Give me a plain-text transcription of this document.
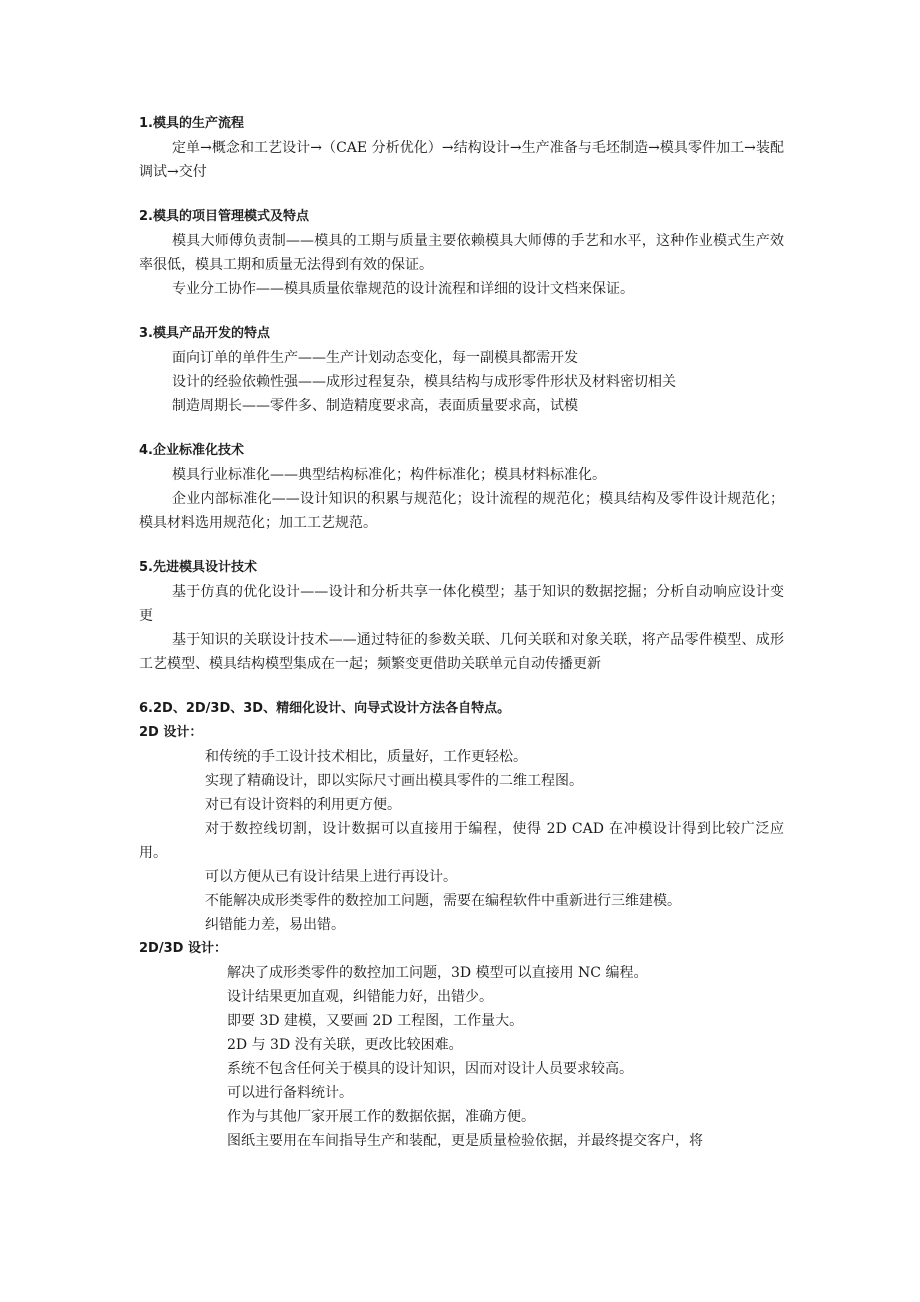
1.模具的生产流程
定单→概念和工艺设计→（CAE 分析优化）→结构设计→生产准备与毛坯制造→模具零件加工→装配调试→交付
2.模具的项目管理模式及特点
模具大师傅负责制——模具的工期与质量主要依赖模具大师傅的手艺和水平，这种作业模式生产效率很低，模具工期和质量无法得到有效的保证。
专业分工协作——模具质量依靠规范的设计流程和详细的设计文档来保证。
3.模具产品开发的特点
面向订单的单件生产——生产计划动态变化，每一副模具都需开发
设计的经验依赖性强——成形过程复杂，模具结构与成形零件形状及材料密切相关
制造周期长——零件多、制造精度要求高，表面质量要求高，试模
4.企业标准化技术
模具行业标准化——典型结构标准化；构件标准化；模具材料标准化。
企业内部标准化——设计知识的积累与规范化；设计流程的规范化；模具结构及零件设计规范化；模具材料选用规范化；加工工艺规范。
5.先进模具设计技术
基于仿真的优化设计——设计和分析共享一体化模型；基于知识的数据挖掘；分析自动响应设计变更
基于知识的关联设计技术——通过特征的参数关联、几何关联和对象关联，将产品零件模型、成形工艺模型、模具结构模型集成在一起；频繁变更借助关联单元自动传播更新
6.2D、2D/3D、3D、精细化设计、向导式设计方法各自特点。
2D 设计：
和传统的手工设计技术相比，质量好，工作更轻松。
实现了精确设计，即以实际尺寸画出模具零件的二维工程图。
对已有设计资料的利用更方便。
对于数控线切割，设计数据可以直接用于编程，使得 2D CAD 在冲模设计得到比较广泛应用。
可以方便从已有设计结果上进行再设计。
不能解决成形类零件的数控加工问题，需要在编程软件中重新进行三维建模。
纠错能力差，易出错。
2D/3D 设计：
解决了成形类零件的数控加工问题，3D 模型可以直接用 NC 编程。
设计结果更加直观，纠错能力好，出错少。
即要 3D 建模，又要画 2D 工程图，工作量大。
2D 与 3D 没有关联，更改比较困难。
系统不包含任何关于模具的设计知识，因而对设计人员要求较高。
可以进行备料统计。
作为与其他厂家开展工作的数据依据，准确方便。
图纸主要用在车间指导生产和装配，更是质量检验依据，并最终提交客户，将
